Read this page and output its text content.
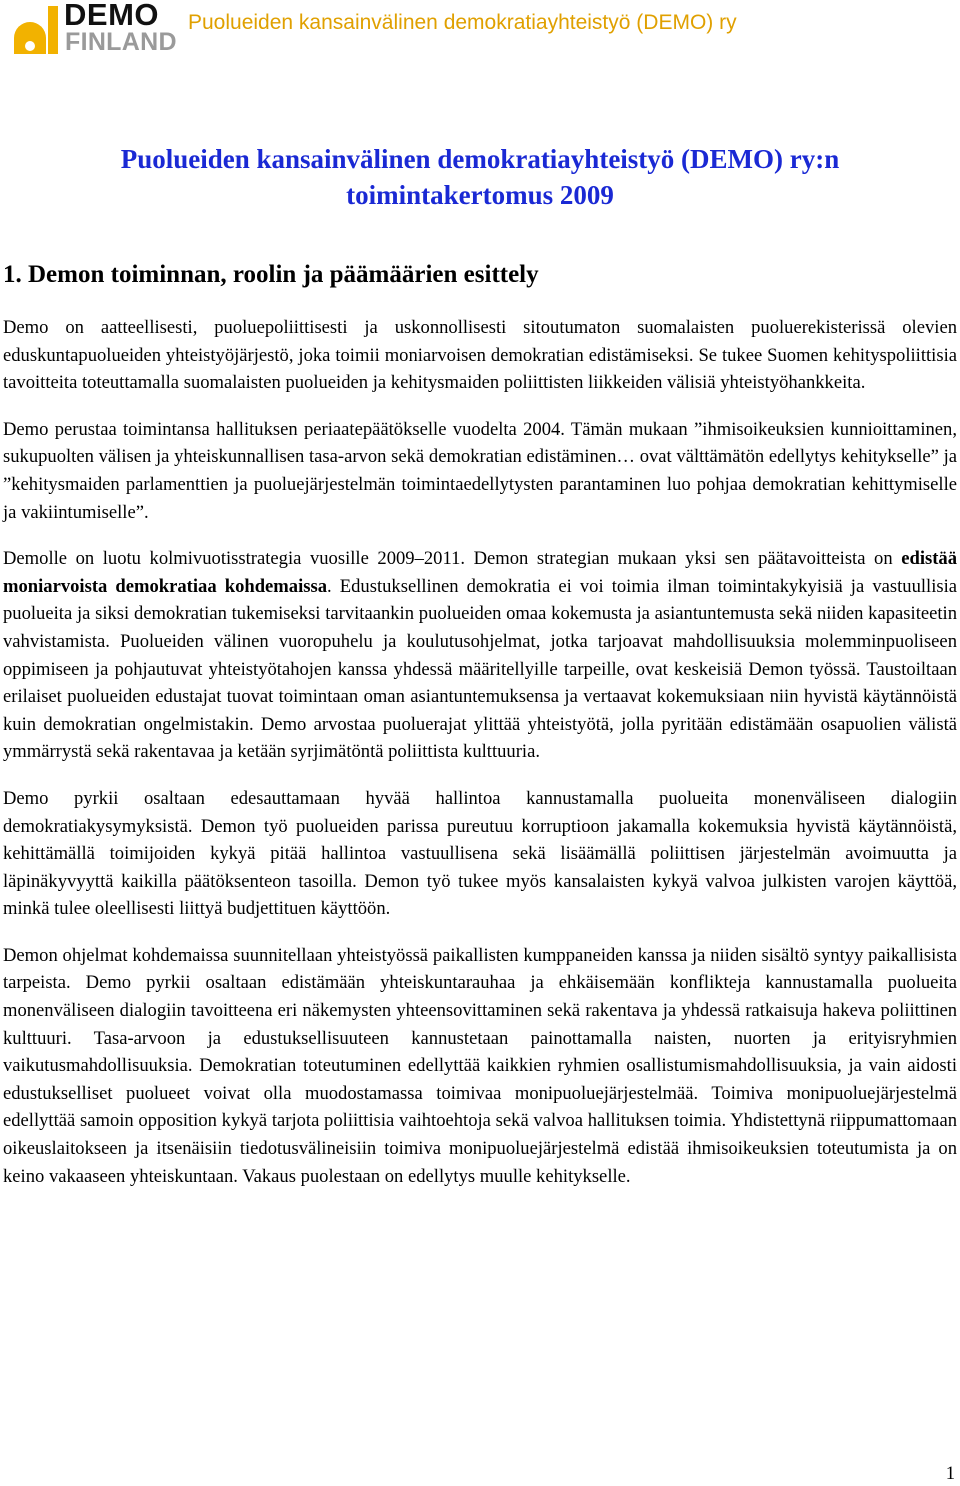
DEMO
FINLAND
Puolueiden kansainvälinen demokratiayhteistyö (DEMO) ry
Puolueiden kansainvälinen demokratiayhteistyö (DEMO) ry:n
toimintakertomus 2009
1. Demon toiminnan, roolin ja päämäärien esittely

Demo on aatteellisesti, puoluepoliittisesti ja uskonnollisesti sitoutumaton suomalaisten puoluerekisterissä olevien eduskuntapuolueiden yhteistyöjärjestö, joka toimii moniarvoisen demokratian edistämiseksi. Se tukee Suomen kehityspoliittisia tavoitteita toteuttamalla suomalaisten puolueiden ja kehitysmaiden poliittisten liikkeiden välisiä yhteistyöhankkeita.

Demo perustaa toimintansa hallituksen periaatepäätökselle vuodelta 2004. Tämän mukaan ”ihmisoikeuksien kunnioittaminen, sukupuolten välisen ja yhteiskunnallisen tasa-arvon sekä demokratian edistäminen… ovat välttämätön edellytys kehitykselle” ja ”kehitysmaiden parlamenttien ja puoluejärjestelmän toimintaedellytysten parantaminen luo pohjaa demokratian kehittymiselle ja vakiintumiselle”.

Demolle on luotu kolmivuotisstrategia vuosille 2009–2011. Demon strategian mukaan yksi sen päätavoitteista on edistää moniarvoista demokratiaa kohdemaissa. Edustuksellinen demokratia ei voi toimia ilman toimintakykyisiä ja vastuullisia puolueita ja siksi demokratian tukemiseksi tarvitaankin puolueiden omaa kokemusta ja asiantuntemusta sekä niiden kapasiteetin vahvistamista. Puolueiden välinen vuoropuhelu ja koulutusohjelmat, jotka tarjoavat mahdollisuuksia molemminpuoliseen oppimiseen ja pohjautuvat yhteistyötahojen kanssa yhdessä määritellyille tarpeille, ovat keskeisiä Demon työssä. Taustoiltaan erilaiset puolueiden edustajat tuovat toimintaan oman asiantuntemuksensa ja vertaavat kokemuksiaan niin hyvistä käytännöistä kuin demokratian ongelmistakin. Demo arvostaa puoluerajat ylittää yhteistyötä, jolla pyritään edistämään osapuolien välistä ymmärrystä sekä rakentavaa ja ketään syrjimätöntä poliittista kulttuuria.

Demo pyrkii osaltaan edesauttamaan hyvää hallintoa kannustamalla puolueita monenväliseen dialogiin demokratiakysymyksistä. Demon työ puolueiden parissa pureutuu korruptioon jakamalla kokemuksia hyvistä käytännöistä, kehittämällä toimijoiden kykyä pitää hallintoa vastuullisena sekä lisäämällä poliittisen järjestelmän avoimuutta ja läpinäkyvyyttä kaikilla päätöksenteon tasoilla. Demon työ tukee myös kansalaisten kykyä valvoa julkisten varojen käyttöä, minkä tulee oleellisesti liittyä budjettituen käyttöön.

Demon ohjelmat kohdemaissa suunnitellaan yhteistyössä paikallisten kumppaneiden kanssa ja niiden sisältö syntyy paikallisista tarpeista. Demo pyrkii osaltaan edistämään yhteiskuntarauhaa ja ehkäisemään konflikteja kannustamalla puolueita monenväliseen dialogiin tavoitteena eri näkemysten yhteensovittaminen sekä rakentava ja yhdessä ratkaisuja hakeva poliittinen kulttuuri. Tasa-arvoon ja edustuksellisuuteen kannustetaan painottamalla naisten, nuorten ja erityisryhmien vaikutusmahdollisuuksia. Demokratian toteutuminen edellyttää kaikkien ryhmien osallistumismahdollisuuksia, ja vain aidosti edustukselliset puolueet voivat olla muodostamassa toimivaa monipuoluejärjestelmää. Toimiva monipuoluejärjestelmä edellyttää samoin opposition kykyä tarjota poliittisia vaihtoehtoja sekä valvoa hallituksen toimia. Yhdistettynä riippumattomaan oikeuslaitokseen ja itsenäisiin tiedotusvälineisiin toimiva monipuoluejärjestelmä edistää ihmisoikeuksien toteutumista ja on keino vakaaseen yhteiskuntaan. Vakaus puolestaan on edellytys muulle kehitykselle.

1
